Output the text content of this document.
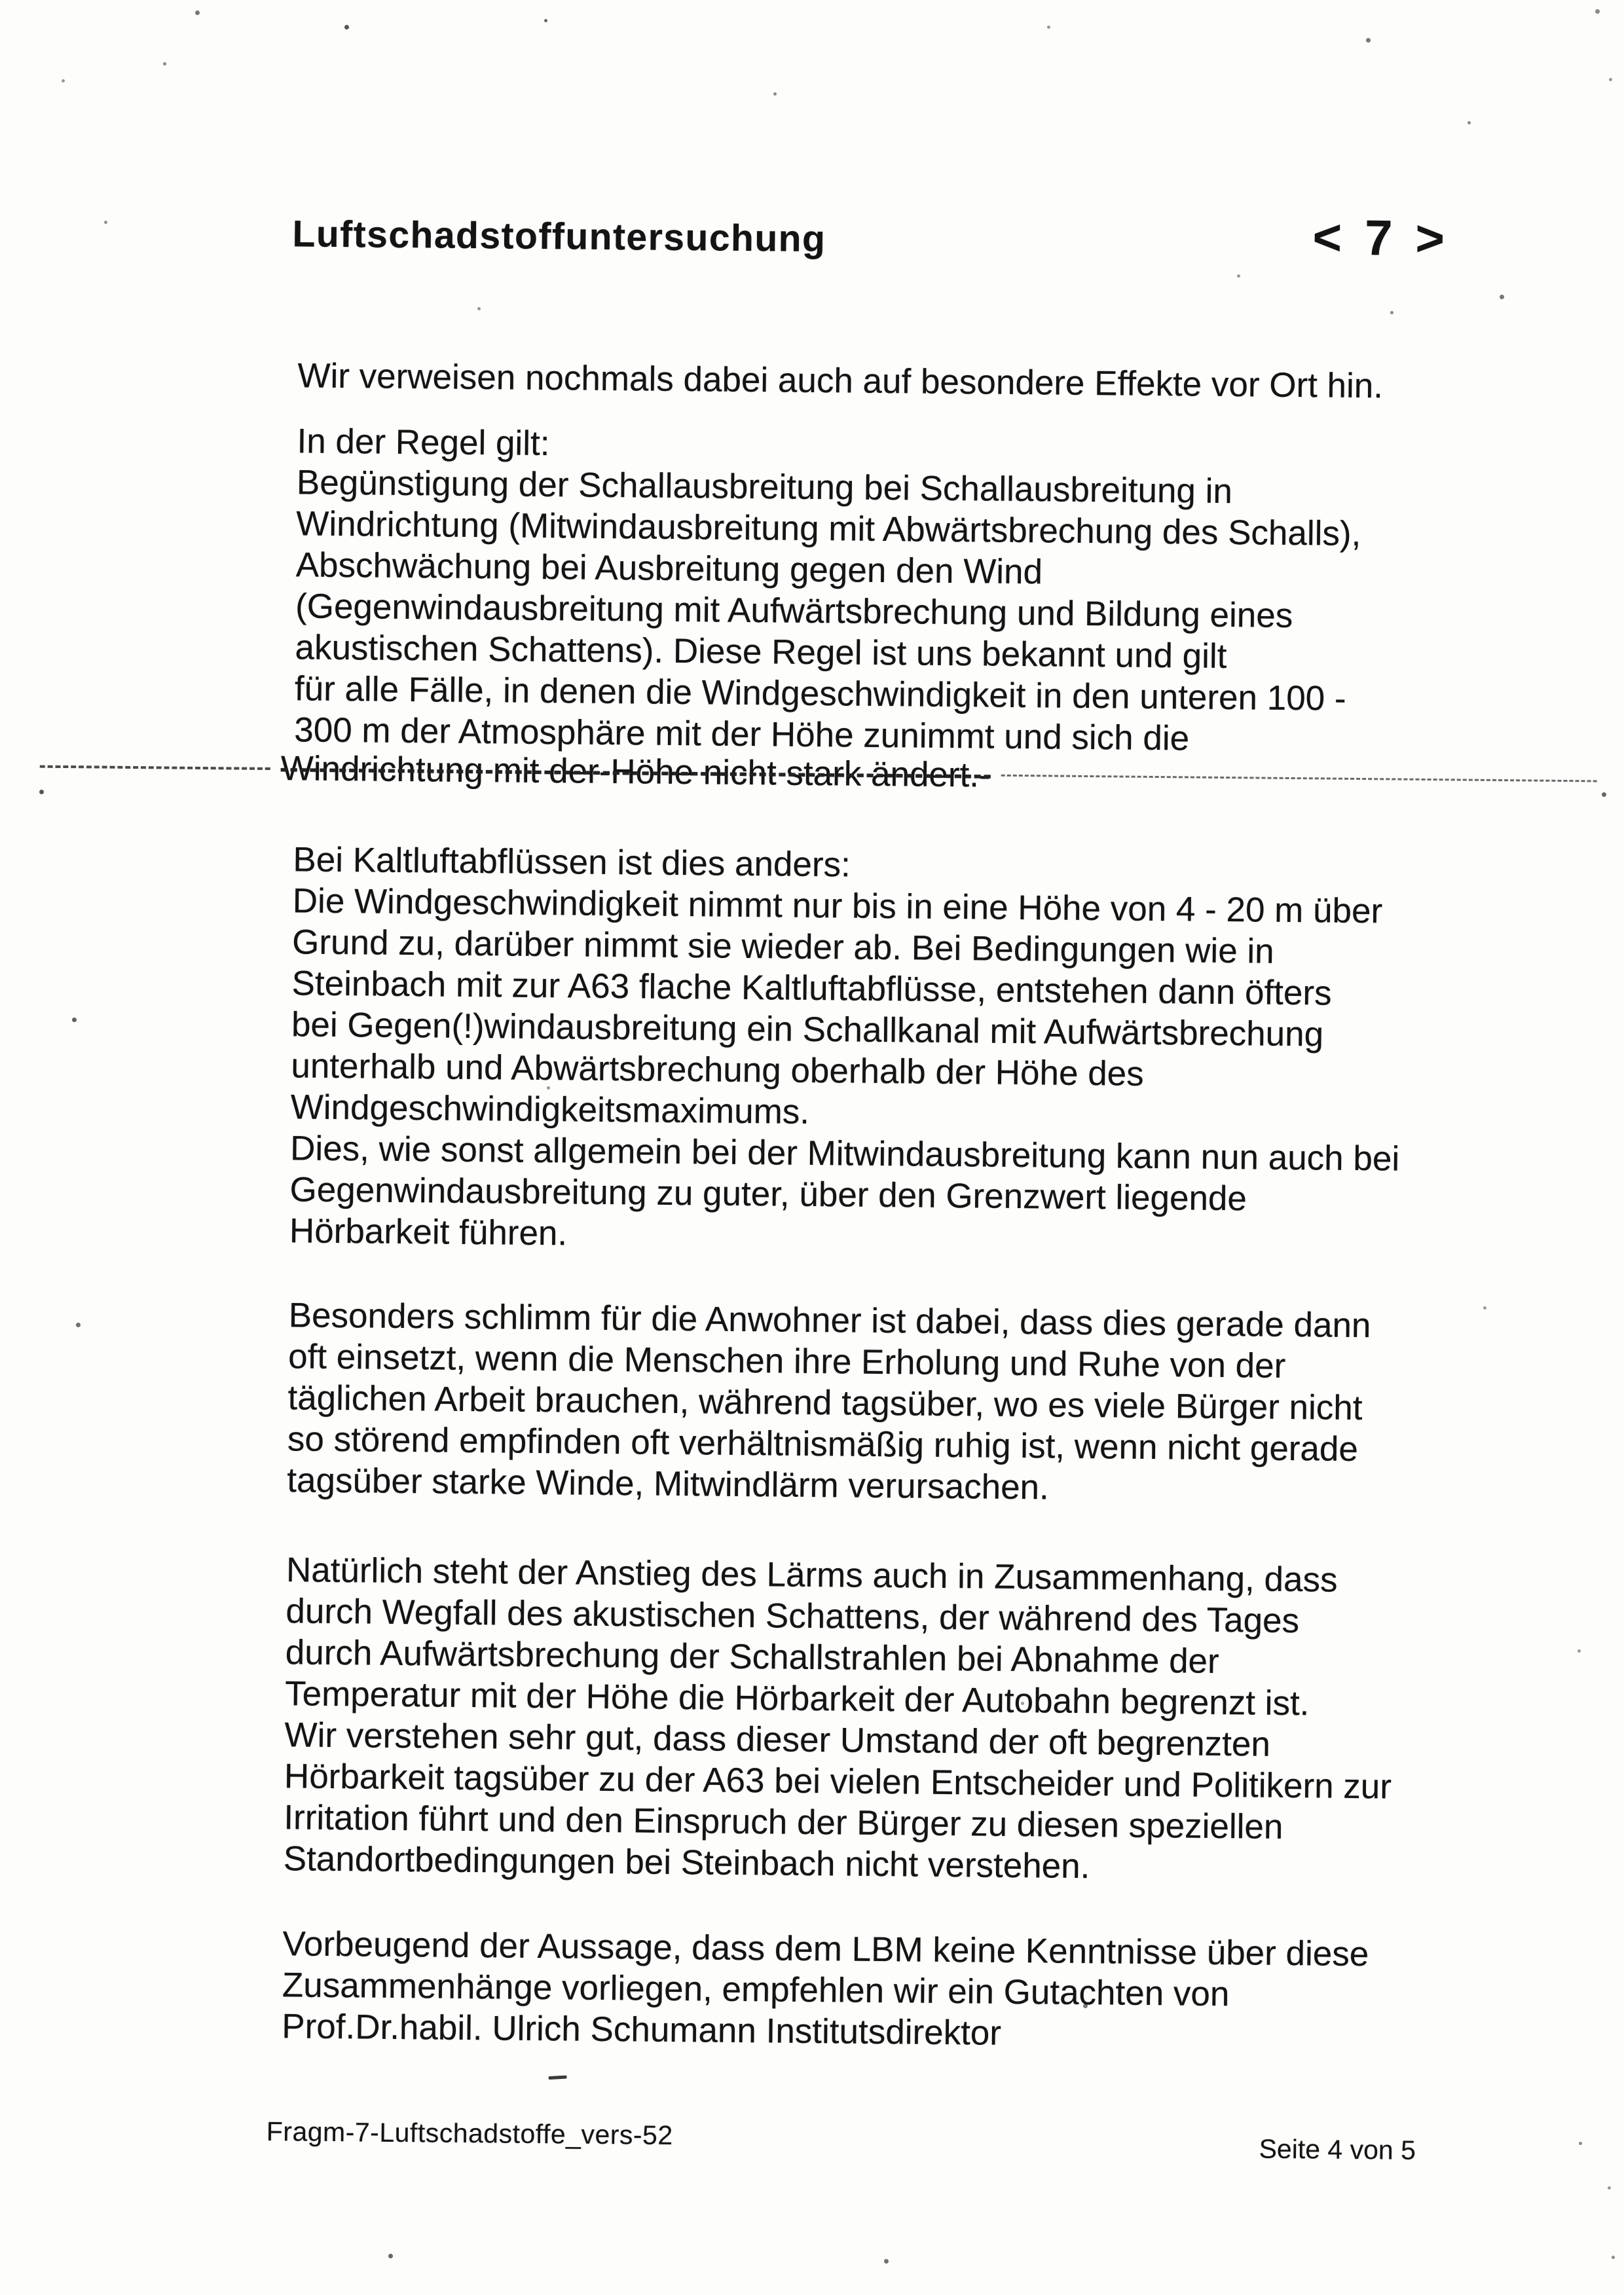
Luftschadstoffuntersuchung	< 7 >

Wir verweisen nochmals dabei auch auf besondere Effekte vor Ort hin.

In der Regel gilt:
Begünstigung der Schallausbreitung bei Schallausbreitung in
Windrichtung (Mitwindausbreitung mit Abwärtsbrechung des Schalls),
Abschwächung bei Ausbreitung gegen den Wind
(Gegenwindausbreitung mit Aufwärtsbrechung und Bildung eines
akustischen Schattens). Diese Regel ist uns bekannt und gilt
für alle Fälle, in denen die Windgeschwindigkeit in den unteren 100 -
300 m der Atmosphäre mit der Höhe zunimmt und sich die

Windrichtung mit der-Höhe nicht stark ändert.-

Bei Kaltluftabflüssen ist dies anders:
Die Windgeschwindigkeit nimmt nur bis in eine Höhe von 4 - 20 m über
Grund zu, darüber nimmt sie wieder ab. Bei Bedingungen wie in
Steinbach mit zur A63 flache Kaltluftabflüsse, entstehen dann öfters
bei Gegen(!)windausbreitung ein Schallkanal mit Aufwärtsbrechung
unterhalb und Abwärtsbrechung oberhalb der Höhe des
Windgeschwindigkeitsmaximums.
Dies, wie sonst allgemein bei der Mitwindausbreitung kann nun auch bei
Gegenwindausbreitung zu guter, über den Grenzwert liegende
Hörbarkeit führen.

Besonders schlimm für die Anwohner ist dabei, dass dies gerade dann
oft einsetzt, wenn die Menschen ihre Erholung und Ruhe von der
täglichen Arbeit brauchen, während tagsüber, wo es viele Bürger nicht
so störend empfinden oft verhältnismäßig ruhig ist, wenn nicht gerade
tagsüber starke Winde, Mitwindlärm verursachen.

Natürlich steht der Anstieg des Lärms auch in Zusammenhang, dass
durch Wegfall des akustischen Schattens, der während des Tages
durch Aufwärtsbrechung der Schallstrahlen bei Abnahme der
Temperatur mit der Höhe die Hörbarkeit der Autobahn begrenzt ist.
Wir verstehen sehr gut, dass dieser Umstand der oft begrenzten
Hörbarkeit tagsüber zu der A63 bei vielen Entscheider und Politikern zur
Irritation führt und den Einspruch der Bürger zu diesen speziellen
Standortbedingungen bei Steinbach nicht verstehen.

Vorbeugend der Aussage, dass dem LBM keine Kenntnisse über diese
Zusammenhänge vorliegen, empfehlen wir ein Gutachten von
Prof.Dr.habil. Ulrich Schumann Institutsdirektor

Fragm-7-Luftschadstoffe_vers-52	Seite 4 von 5
